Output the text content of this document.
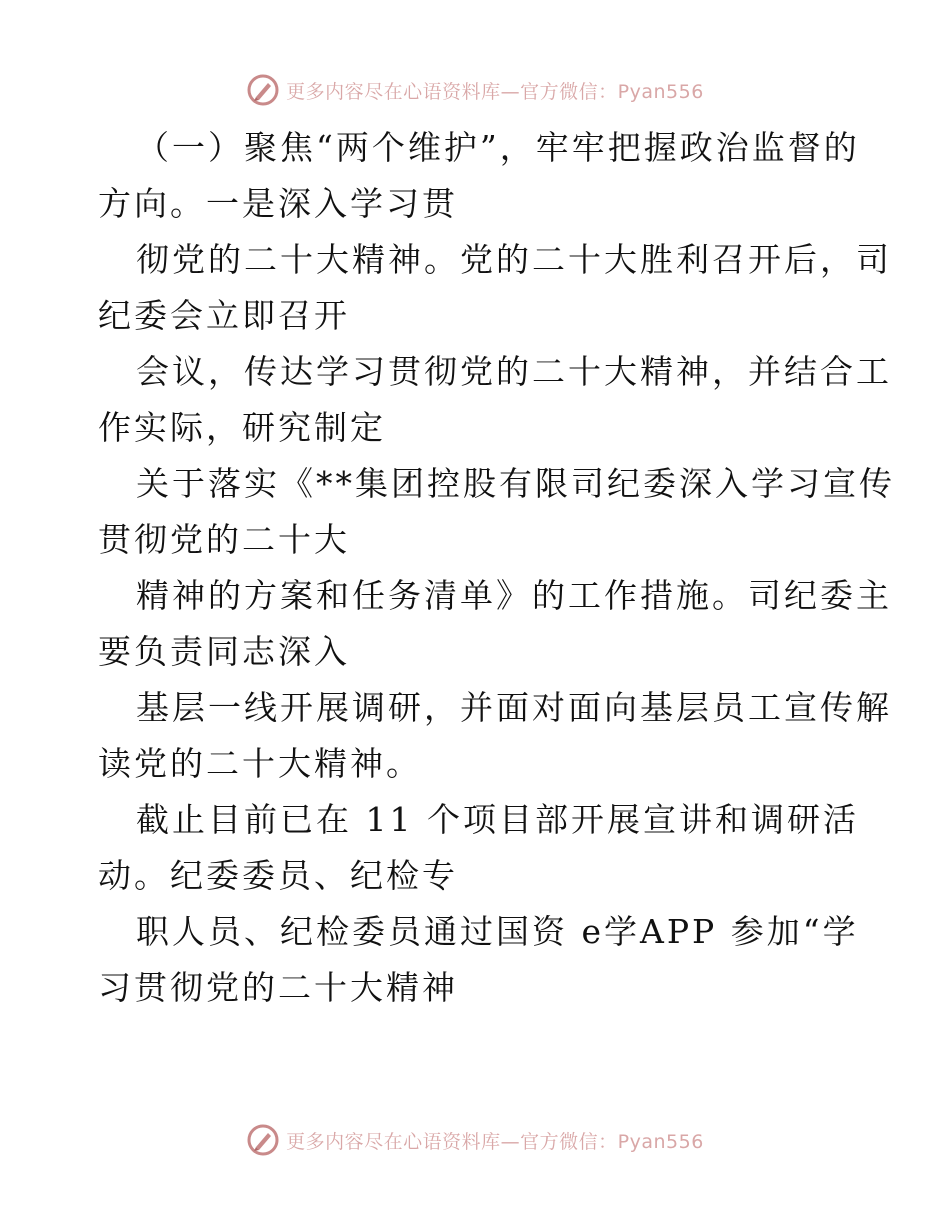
更多内容尽在心语资料库—官方微信：Pyan556
（一）聚焦“两个维护”，牢牢把握政治监督的
方向。一是深入学习贯
彻党的二十大精神。党的二十大胜利召开后，司
纪委会立即召开
会议，传达学习贯彻党的二十大精神，并结合工
作实际，研究制定
关于落实《**集团控股有限司纪委深入学习宣传
贯彻党的二十大
精神的方案和任务清单》的工作措施。司纪委主
要负责同志深入
基层一线开展调研，并面对面向基层员工宣传解
读党的二十大精神。
截止目前已在 11 个项目部开展宣讲和调研活
动。纪委委员、纪检专
职人员、纪检委员通过国资 e学APP 参加“学
习贯彻党的二十大精神
更多内容尽在心语资料库—官方微信：Pyan556
